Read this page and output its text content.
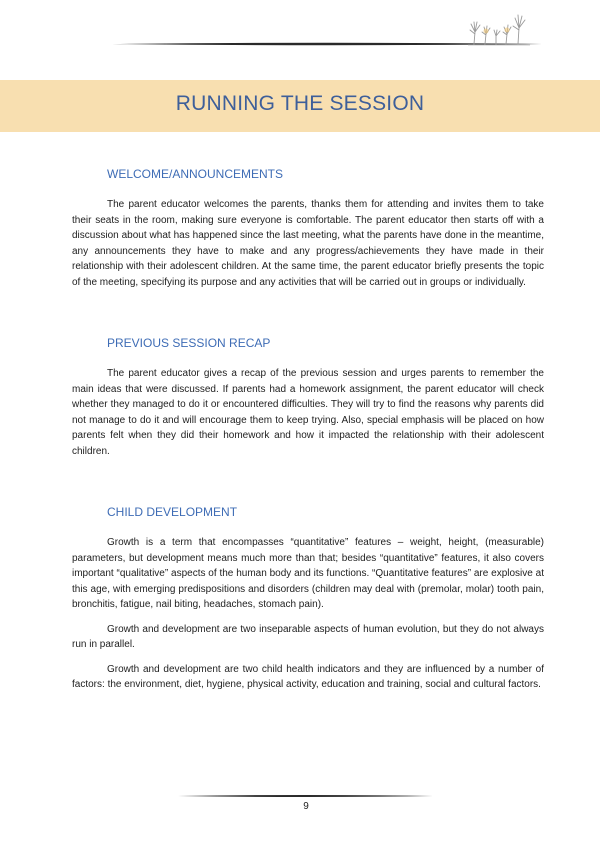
RUNNING THE SESSION
WELCOME/ANNOUNCEMENTS

The parent educator welcomes the parents, thanks them for attending and invites them to take their seats in the room, making sure everyone is comfortable. The parent educator then starts off with a discussion about what has happened since the last meeting, what the parents have done in the meantime, any announcements they have to make and any progress/achievements they have made in their relationship with their adolescent children. At the same time, the parent educator briefly presents the topic of the meeting, specifying its purpose and any activities that will be carried out in groups or individually.

PREVIOUS SESSION RECAP

The parent educator gives a recap of the previous session and urges parents to remember the main ideas that were discussed. If parents had a homework assignment, the parent educator will check whether they managed to do it or encountered difficulties. They will try to find the reasons why parents did not manage to do it and will encourage them to keep trying. Also, special emphasis will be placed on how parents felt when they did their homework and how it impacted the relationship with their adolescent children.

CHILD DEVELOPMENT

Growth is a term that encompasses “quantitative” features – weight, height, (measurable) parameters, but development means much more than that; besides “quantitative” features, it also covers important “qualitative” aspects of the human body and its functions. “Quantitative features” are explosive at this age, with emerging predispositions and disorders (children may deal with (premolar, molar) tooth pain, bronchitis, fatigue, nail biting, headaches, stomach pain).

Growth and development are two inseparable aspects of human evolution, but they do not always run in parallel.

Growth and development are two child health indicators and they are influenced by a number of factors: the environment, diet, hygiene, physical activity, education and training, social and cultural factors.

9
